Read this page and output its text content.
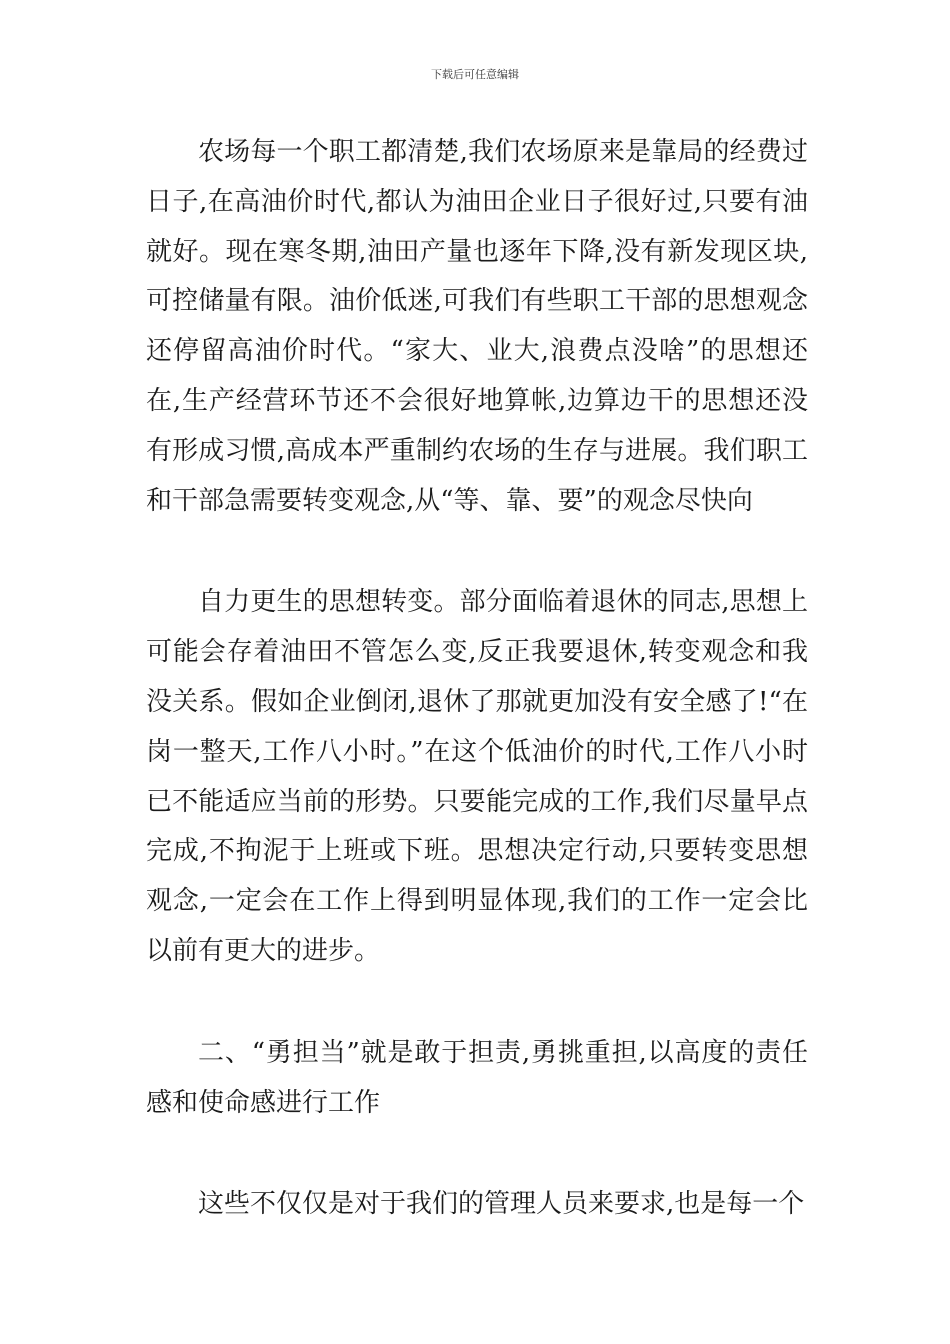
下载后可任意编辑

农场每一个职工都清楚,我们农场原来是靠局的经费过日子,在高油价时代,都认为油田企业日子很好过,只要有油就好。现在寒冬期,油田产量也逐年下降,没有新发现区块,可控储量有限。油价低迷,可我们有些职工干部的思想观念还停留高油价时代。“家大、业大,浪费点没啥”的思想还在,生产经营环节还不会很好地算帐,边算边干的思想还没有形成习惯,高成本严重制约农场的生存与进展。我们职工和干部急需要转变观念,从“等、靠、要”的观念尽快向

自力更生的思想转变。部分面临着退休的同志,思想上可能会存着油田不管怎么变,反正我要退休,转变观念和我没关系。假如企业倒闭,退休了那就更加没有安全感了!“在岗一整天,工作八小时。”在这个低油价的时代,工作八小时已不能适应当前的形势。只要能完成的工作,我们尽量早点完成,不拘泥于上班或下班。思想决定行动,只要转变思想观念,一定会在工作上得到明显体现,我们的工作一定会比以前有更大的进步。

二、“勇担当”就是敢于担责,勇挑重担,以高度的责任感和使命感进行工作

这些不仅仅是对于我们的管理人员来要求,也是每一个
